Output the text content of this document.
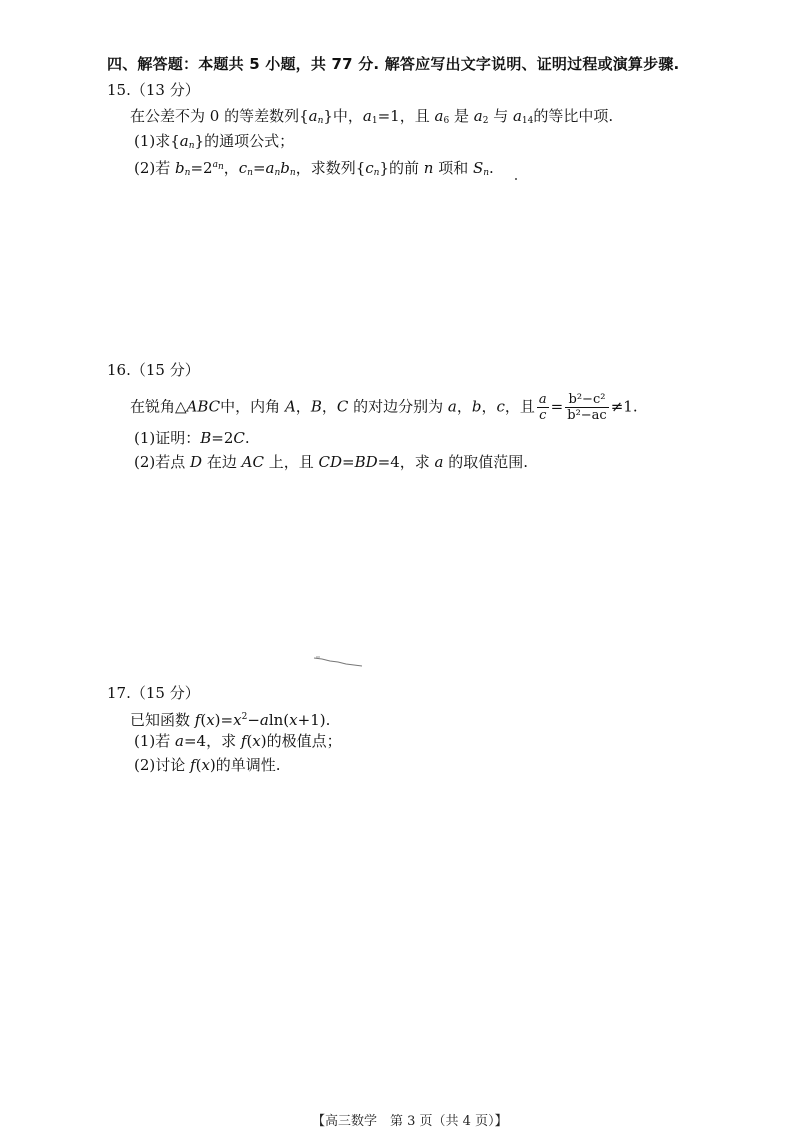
四、解答题：本题共 5 小题，共 77 分. 解答应写出文字说明、证明过程或演算步骤.
15.（13 分）
在公差不为 0 的等差数列$\{a_n\}$中，$a_1=1$，且 $a_6$ 是 $a_2$ 与 $a_{14}$的等比中项.
(1)求$\{a_n\}$的通项公式；
(2)若 $b_n=2^{a_n}$，$c_n=a_nb_n$，求数列$\{c_n\}$的前 n 项和 $S_n$.
16.（15 分）
在锐角△ABC中，内角 A，B，C 的对边分别为 a，b，c，且 $\frac{a}{c} = \frac{\text{b²−c²}}{\text{b²−ac}} \ne 1$.
(1)证明：B=2C.
(2)若点 D 在边 AC 上，且 CD=BD=4，求 a 的取值范围.
17.（15 分）
已知函数 $f(x)=x^2-aln(x+1)$.
(1)若 a=4，求 f(x)的极值点；
(2)讨论 f(x)的单调性.
【高三数学　第 3 页（共 4 页）】
